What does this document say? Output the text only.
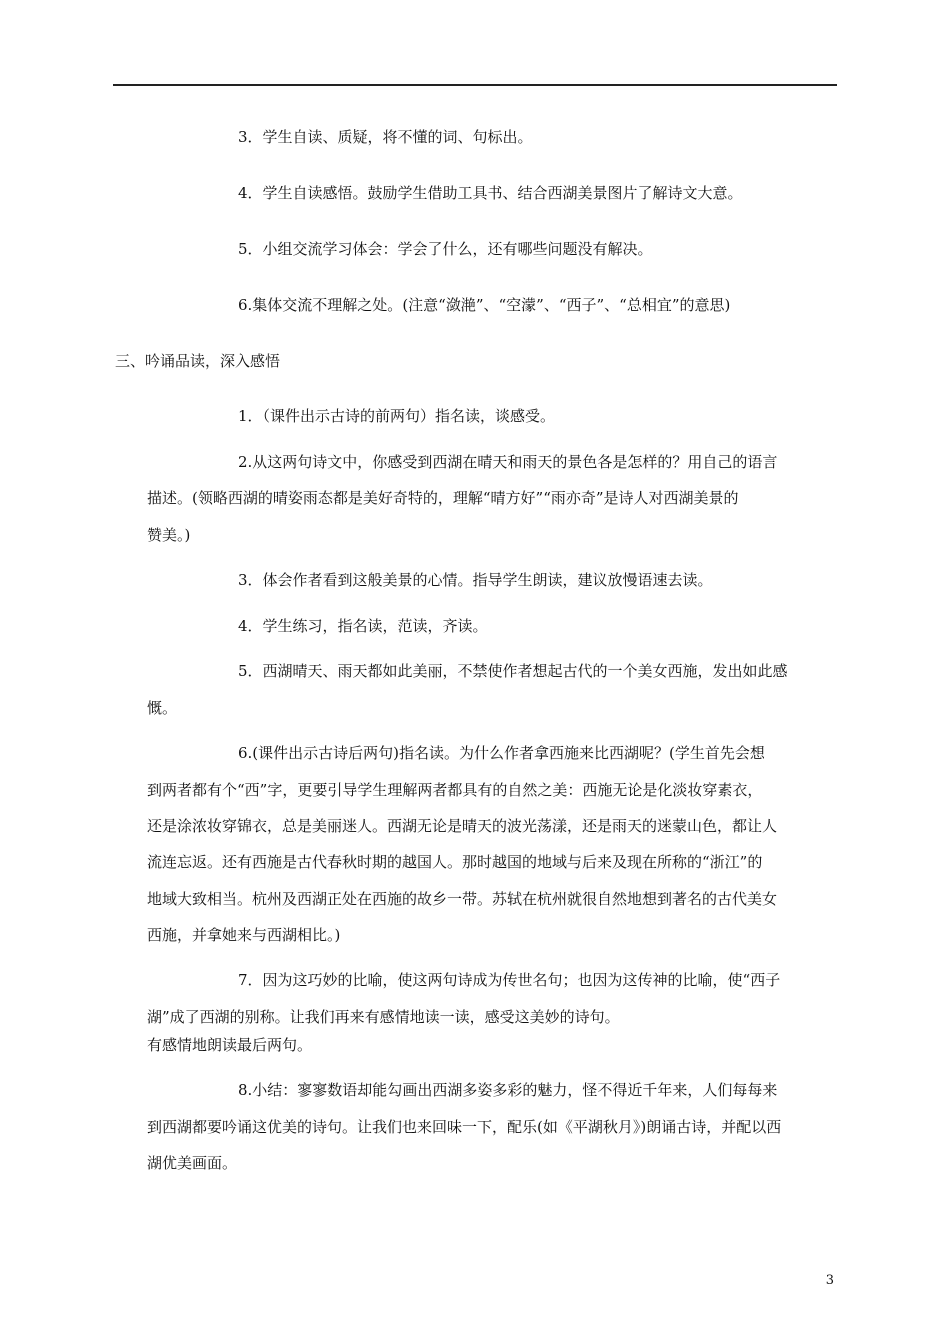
3．学生自读、质疑，将不懂的词、句标出。
4．学生自读感悟。鼓励学生借助工具书、结合西湖美景图片了解诗文大意。
5．小组交流学习体会：学会了什么，还有哪些问题没有解决。
6.集体交流不理解之处。(注意“潋滟”、“空濛”、“西子”、“总相宜”的意思)
三、吟诵品读，深入感悟
1．（课件出示古诗的前两句）指名读，谈感受。
2.从这两句诗文中，你感受到西湖在晴天和雨天的景色各是怎样的？用自己的语言
描述。(领略西湖的晴姿雨态都是美好奇特的，理解“晴方好”“雨亦奇”是诗人对西湖美景的
赞美。)
3．体会作者看到这般美景的心情。指导学生朗读，建议放慢语速去读。
4．学生练习，指名读，范读，齐读。
5．西湖晴天、雨天都如此美丽，不禁使作者想起古代的一个美女西施，发出如此感
慨。
6.(课件出示古诗后两句)指名读。为什么作者拿西施来比西湖呢？(学生首先会想
到两者都有个“西”字，更要引导学生理解两者都具有的自然之美：西施无论是化淡妆穿素衣，
还是涂浓妆穿锦衣，总是美丽迷人。西湖无论是晴天的波光荡漾，还是雨天的迷蒙山色，都让人
流连忘返。还有西施是古代春秋时期的越国人。那时越国的地域与后来及现在所称的“浙江”的
地域大致相当。杭州及西湖正处在西施的故乡一带。苏轼在杭州就很自然地想到著名的古代美女
西施，并拿她来与西湖相比。)
7．因为这巧妙的比喻，使这两句诗成为传世名句；也因为这传神的比喻，使“西子
湖”成了西湖的别称。让我们再来有感情地读一读，感受这美妙的诗句。
有感情地朗读最后两句。
8.小结：寥寥数语却能勾画出西湖多姿多彩的魅力，怪不得近千年来，人们每每来
到西湖都要吟诵这优美的诗句。让我们也来回味一下，配乐(如《平湖秋月》)朗诵古诗，并配以西
湖优美画面。
3
